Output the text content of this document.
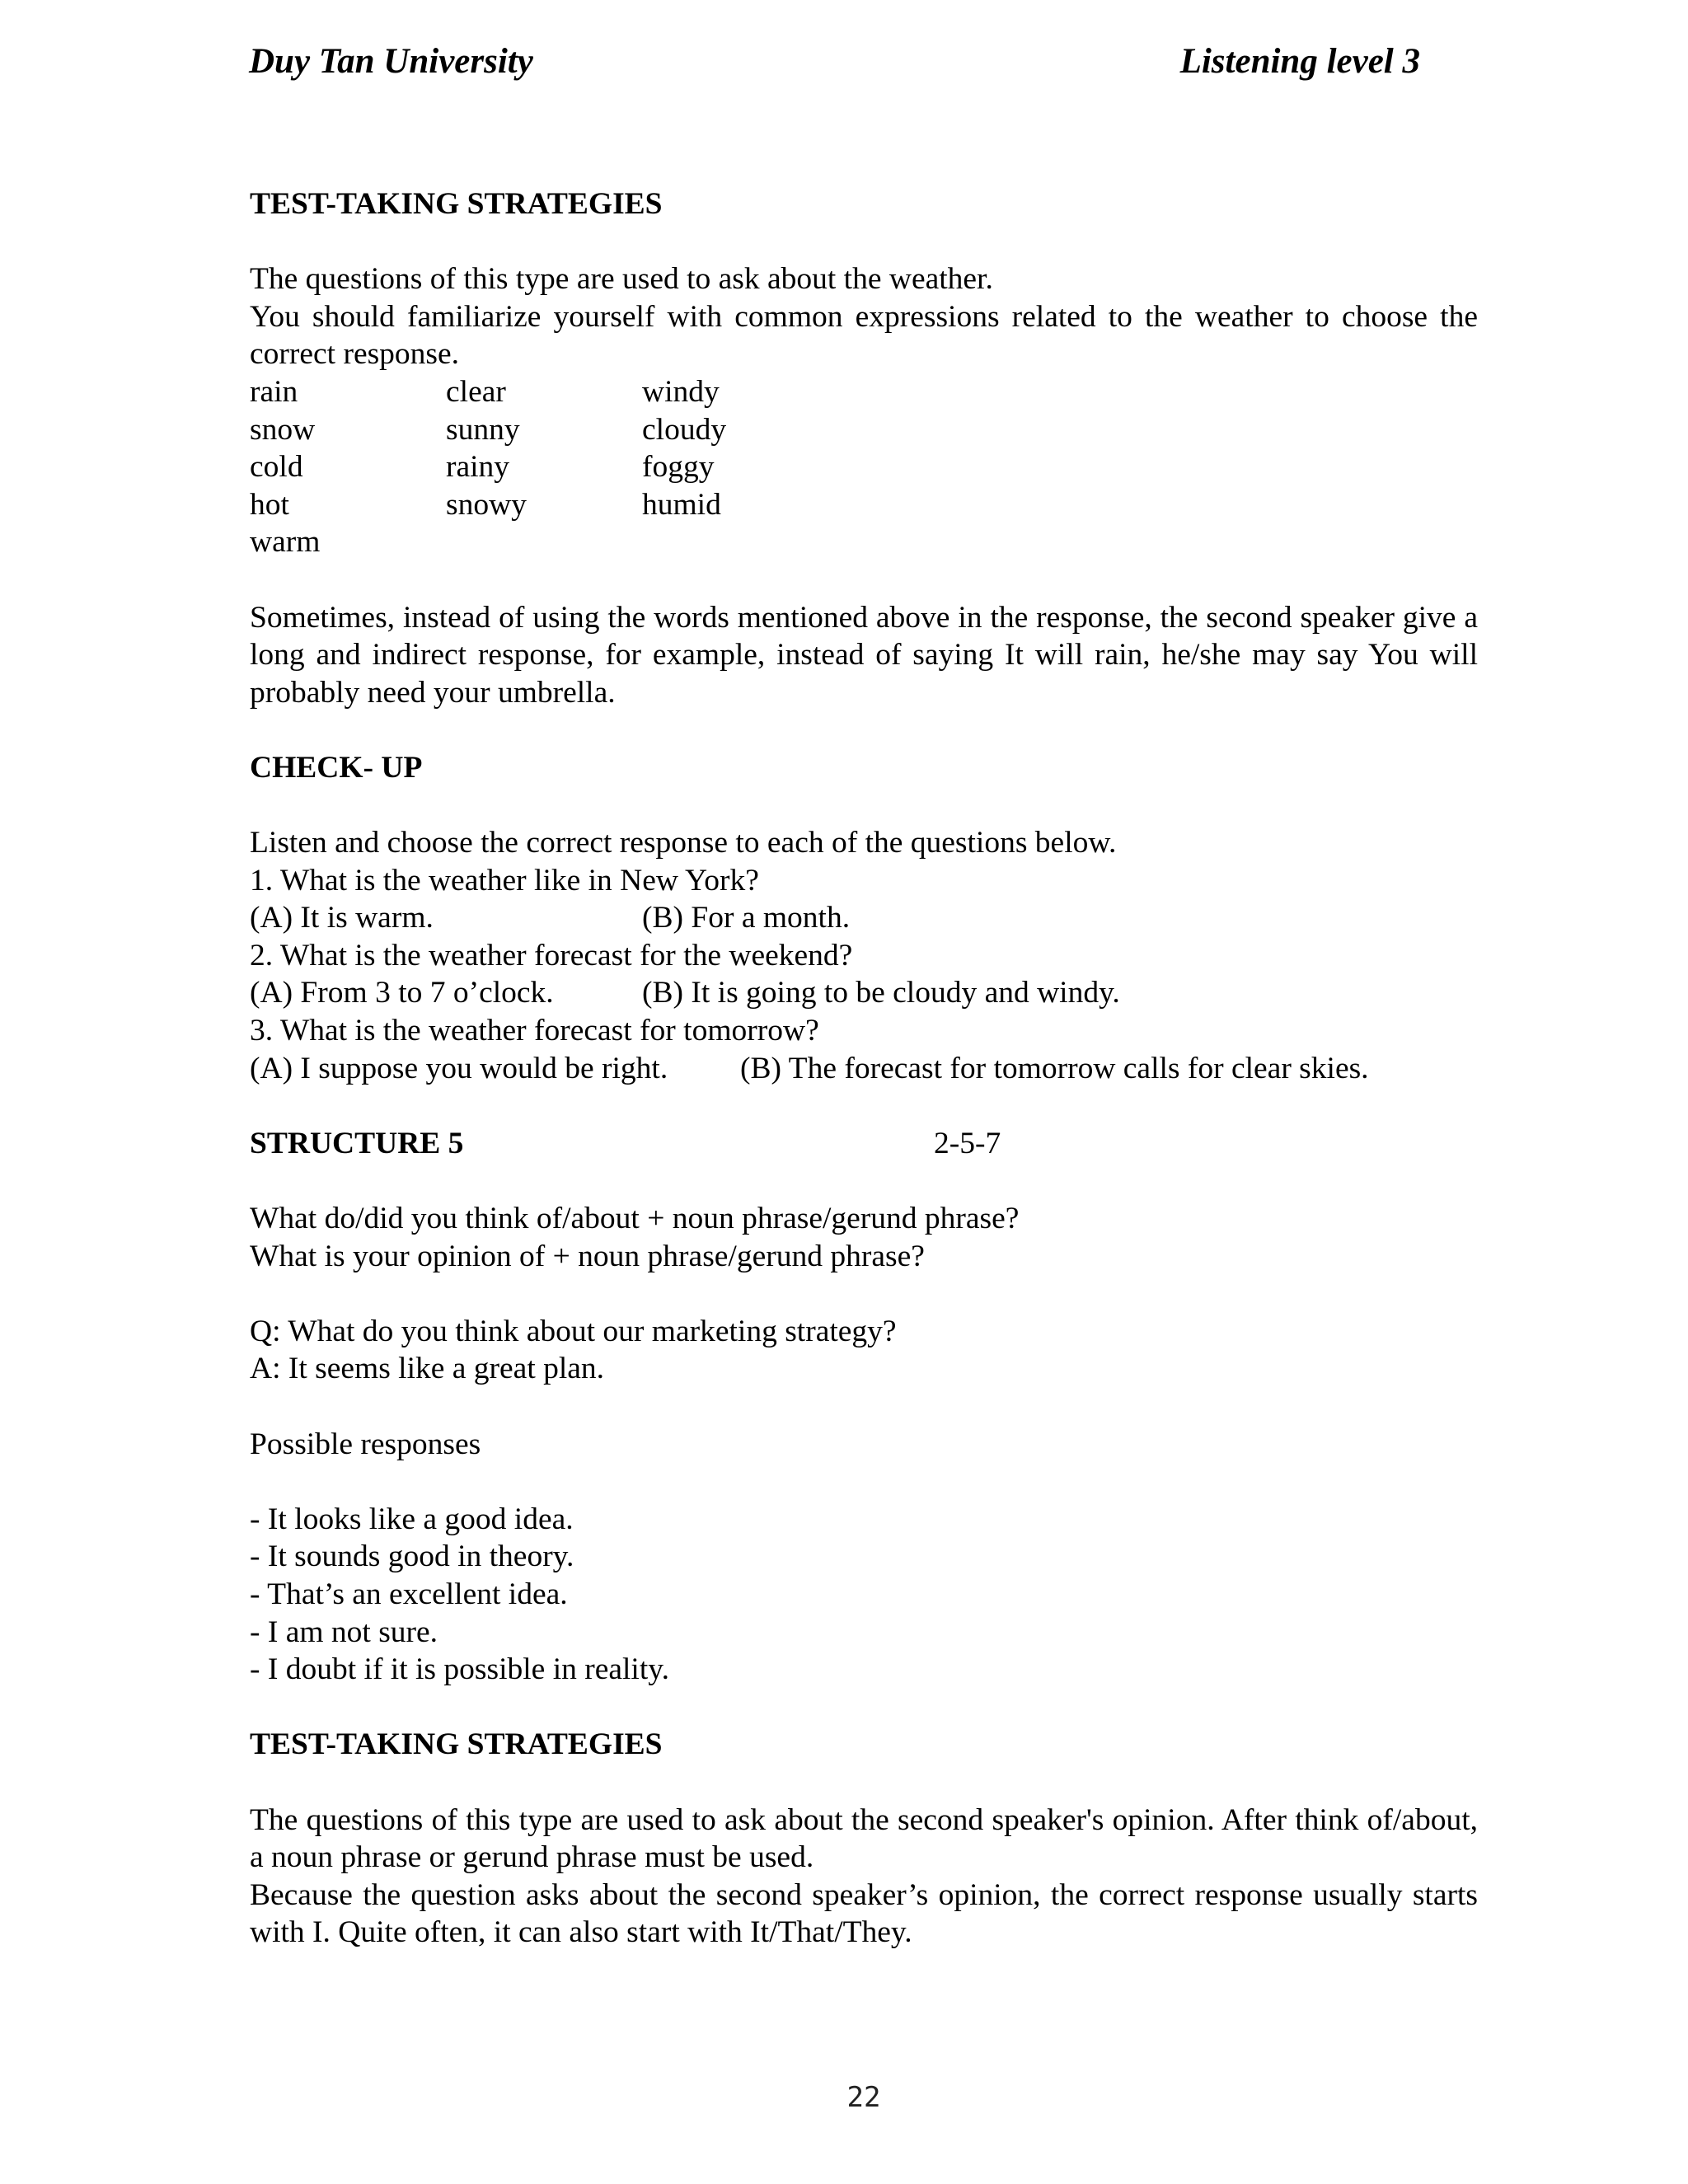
Duy Tan University	Listening level 3
TEST-TAKING STRATEGIES

The questions of this type are used to ask about the weather.

You should familiarize yourself with common expressions related to the weather to choose the correct response.

rain	clear	windy
snow	sunny	cloudy
cold	rainy	foggy
hot	snowy	humid
warm

Sometimes, instead of using the words mentioned above in the response, the second speaker give a long and indirect response, for example, instead of saying It will rain, he/she may say You will probably need your umbrella.

CHECK- UP

Listen and choose the correct response to each of the questions below.

1. What is the weather like in New York?

(A) It is warm.	(B) For a month.

2. What is the weather forecast for the weekend?

(A) From 3 to 7 o’clock.	(B) It is going to be cloudy and windy.

3. What is the weather forecast for tomorrow?

(A) I suppose you would be right.	(B) The forecast for tomorrow calls for clear skies.
STRUCTURE 5	2-5-7

What do/did you think of/about + noun phrase/gerund phrase?

What is your opinion of + noun phrase/gerund phrase?

Q: What do you think about our marketing strategy?

A: It seems like a great plan.

Possible responses

- It looks like a good idea.

- It sounds good in theory.

- That’s an excellent idea.

- I am not sure.

- I doubt if it is possible in reality.

TEST-TAKING STRATEGIES

The questions of this type are used to ask about the second speaker's opinion. After think of/about, a noun phrase or gerund phrase must be used.

Because the question asks about the second speaker’s opinion, the correct response usually starts with I. Quite often, it can also start with It/That/They.

22
